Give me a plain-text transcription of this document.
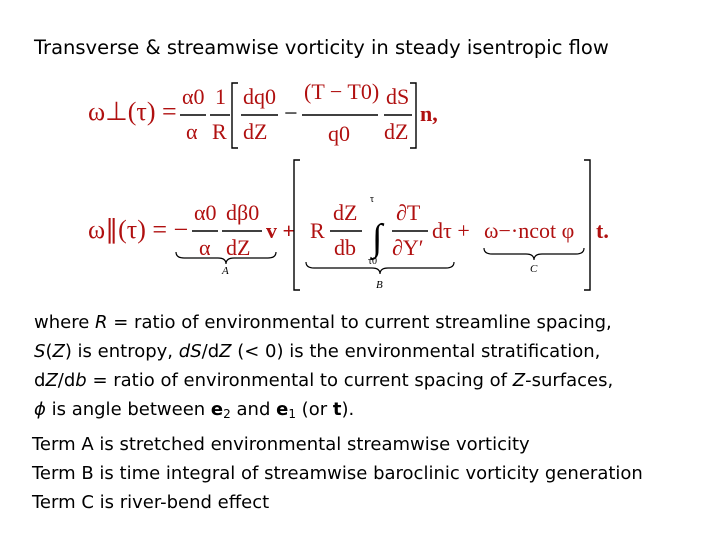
Transverse & streamwise vorticity in steady isentropic flow
ω⊥(τ) =
α0
α
1
R
dq0
dZ
−
(T − T0)
q0
dS
dZ
n,
ω∥(τ) = −
α0
α
dβ0
dZ
v + R
dZ
db ∫
τ
τ0
∂T
∂Y′
dτ + ω−·ncot φ t.
A
B
C
where R = ratio of environmental to current streamline spacing,
S(Z) is entropy, dS/dZ (< 0) is the environmental stratification,
dZ/db = ratio of environmental to current spacing of Z-surfaces,
ϕ is angle between $e_2$ and $e_1$ (or t).
Term A is stretched environmental streamwise vorticity
Term B is time integral of streamwise baroclinic vorticity generation
Term C is river-bend effect
